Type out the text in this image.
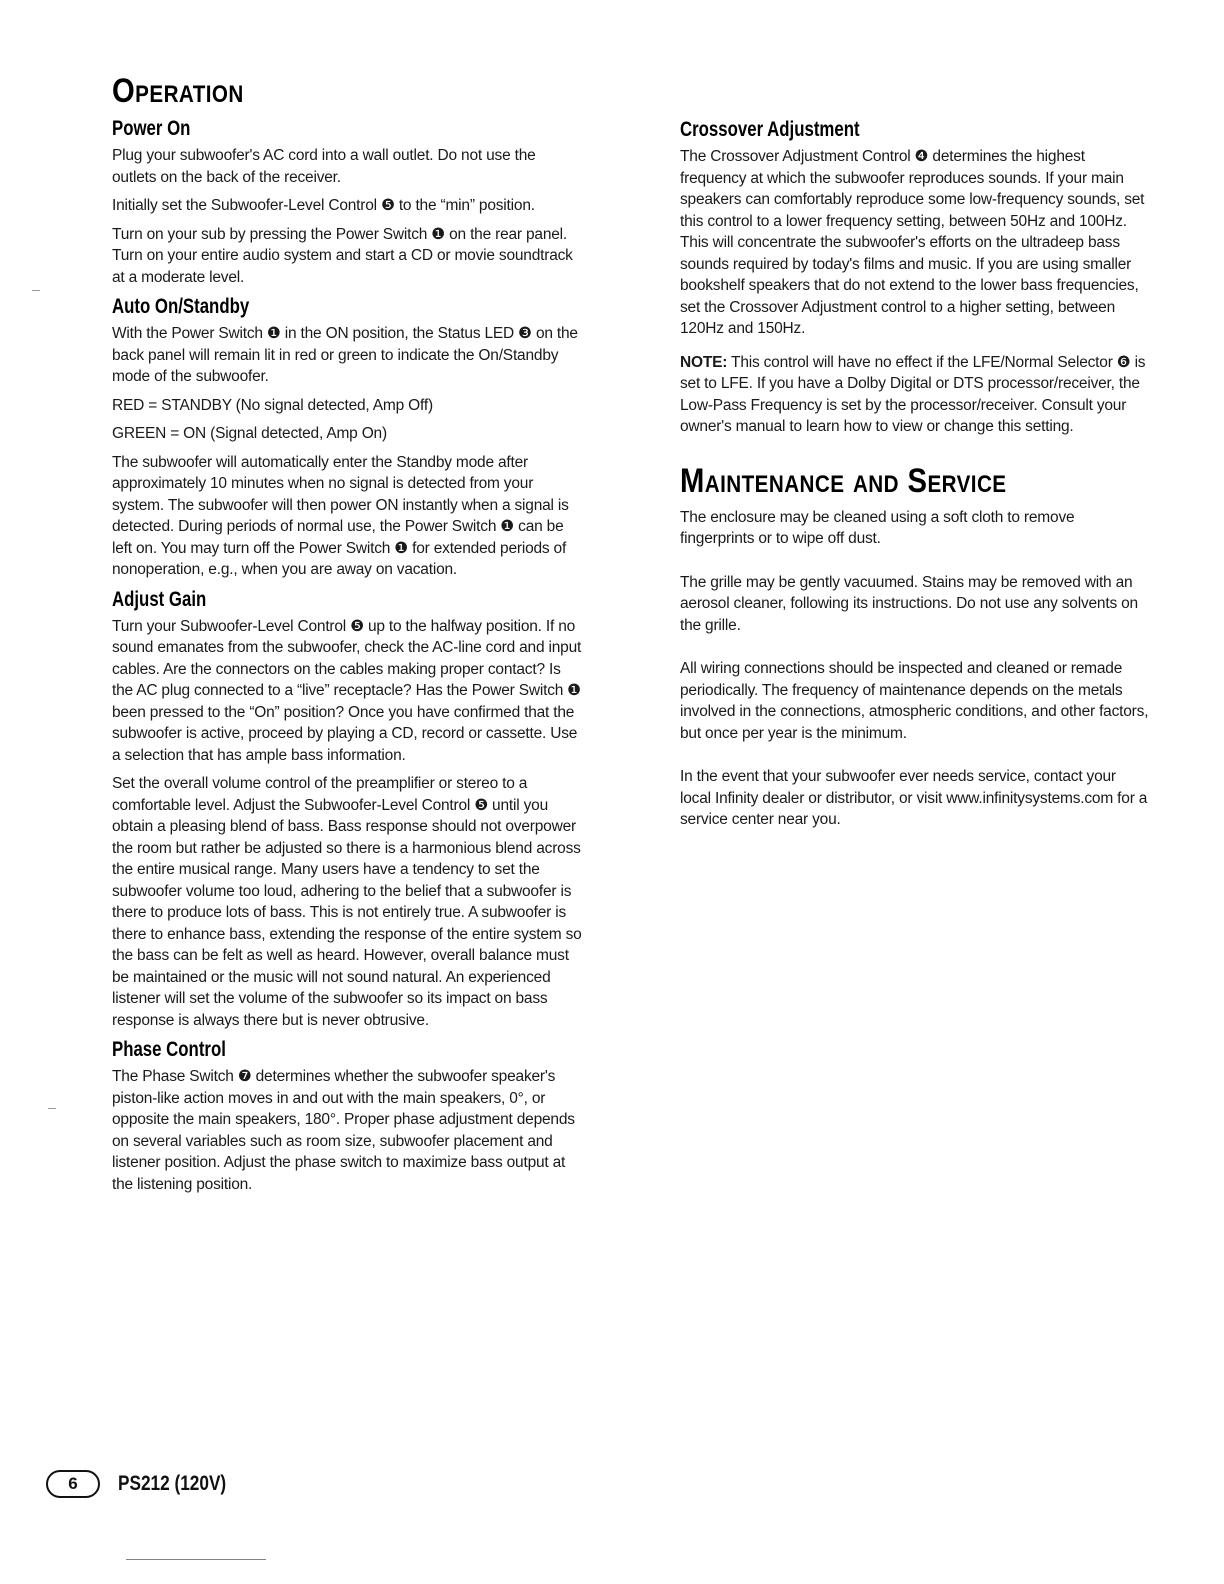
Operation
Power On

Plug your subwoofer's AC cord into a wall outlet. Do not use the outlets on the back of the receiver.

Initially set the Subwoofer-Level Control ❺ to the “min” position.

Turn on your sub by pressing the Power Switch ❶ on the rear panel. Turn on your entire audio system and start a CD or movie soundtrack at a moderate level.

Auto On/Standby

With the Power Switch ❶ in the ON position, the Status LED ❸ on the back panel will remain lit in red or green to indicate the On/Standby mode of the subwoofer.

RED = STANDBY (No signal detected, Amp Off)

GREEN = ON (Signal detected, Amp On)

The subwoofer will automatically enter the Standby mode after approximately 10 minutes when no signal is detected from your system. The subwoofer will then power ON instantly when a signal is detected. During periods of normal use, the Power Switch ❶ can be left on. You may turn off the Power Switch ❶ for extended periods of nonoperation, e.g., when you are away on vacation.

Adjust Gain

Turn your Subwoofer-Level Control ❺ up to the halfway position. If no sound emanates from the subwoofer, check the AC-line cord and input cables. Are the connectors on the cables making proper contact? Is the AC plug connected to a “live” receptacle? Has the Power Switch ❶ been pressed to the “On” position? Once you have confirmed that the subwoofer is active, proceed by playing a CD, record or cassette. Use a selection that has ample bass information.

Set the overall volume control of the preamplifier or stereo to a comfortable level. Adjust the Subwoofer-Level Control ❺ until you obtain a pleasing blend of bass. Bass response should not overpower the room but rather be adjusted so there is a harmonious blend across the entire musical range. Many users have a tendency to set the subwoofer volume too loud, adhering to the belief that a subwoofer is there to produce lots of bass. This is not entirely true. A subwoofer is there to enhance bass, extending the response of the entire system so the bass can be felt as well as heard. However, overall balance must be maintained or the music will not sound natural. An experienced listener will set the volume of the subwoofer so its impact on bass response is always there but is never obtrusive.

Phase Control

The Phase Switch ❼ determines whether the subwoofer speaker's piston-like action moves in and out with the main speakers, 0°, or opposite the main speakers, 180°. Proper phase adjustment depends on several variables such as room size, subwoofer placement and listener position. Adjust the phase switch to maximize bass output at the listening position.

Crossover Adjustment

The Crossover Adjustment Control ❹ determines the highest frequency at which the subwoofer reproduces sounds. If your main speakers can comfortably reproduce some low-frequency sounds, set this control to a lower frequency setting, between 50Hz and 100Hz. This will concentrate the subwoofer's efforts on the ultradeep bass sounds required by today's films and music. If you are using smaller bookshelf speakers that do not extend to the lower bass frequencies, set the Crossover Adjustment control to a higher setting, between 120Hz and 150Hz.

NOTE: This control will have no effect if the LFE/Normal Selector ❻ is set to LFE. If you have a Dolby Digital or DTS processor/receiver, the Low-Pass Frequency is set by the processor/receiver. Consult your owner's manual to learn how to view or change this setting.

Maintenance and Service

The enclosure may be cleaned using a soft cloth to remove fingerprints or to wipe off dust.

The grille may be gently vacuumed. Stains may be removed with an aerosol cleaner, following its instructions. Do not use any solvents on the grille.

All wiring connections should be inspected and cleaned or remade periodically. The frequency of maintenance depends on the metals involved in the connections, atmospheric conditions, and other factors, but once per year is the minimum.

In the event that your subwoofer ever needs service, contact your local Infinity dealer or distributor, or visit www.infinitysystems.com for a service center near you.

6	PS212 (120V)
